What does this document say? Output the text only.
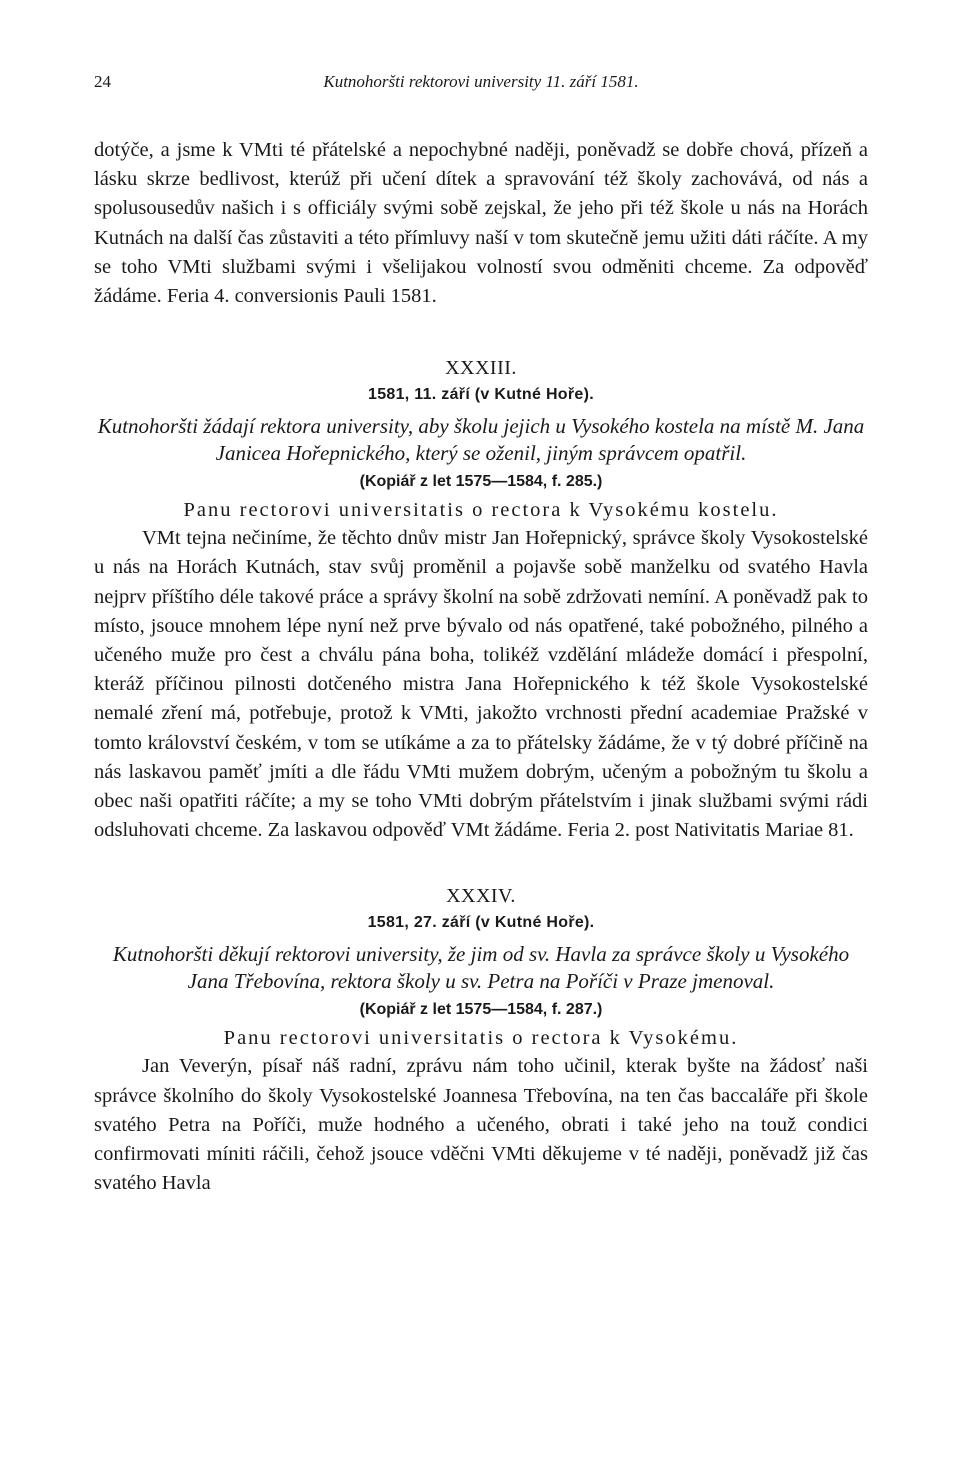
24	Kutnohoršti rektorovi university 11. září 1581.

dotýče, a jsme k VMti té přátelské a nepochybné naději, poněvadž se dobře chová, přízeň a lásku skrze bedlivost, kterúž při učení dítek a spravování též školy zachovává, od nás a spolusousedův našich i s officiály svými sobě zejskal, že jeho při též škole u nás na Horách Kutnách na další čas zůstaviti a této přímluvy naší v tom skutečně jemu užiti dáti ráčíte. A my se toho VMti službami svými i všelijakou volností svou odměniti chceme. Za odpověď žádáme. Feria 4. conversionis Pauli 1581.

XXXIII.
1581, 11. září (v Kutné Hoře).
Kutnohoršti žádají rektora university, aby školu jejich u Vysokého kostela na místě M. Jana Janicea Hořepnického, který se oženil, jiným správcem opatřil.
(Kopiář z let 1575—1584, f. 285.)
Panu rectorovi universitatis o rectora k Vysokému kostelu.

VMt tejna nečiníme, že těchto dnův mistr Jan Hořepnický, správce školy Vysokostelské u nás na Horách Kutnách, stav svůj proměnil a pojavše sobě manželku od svatého Havla nejprv příštího déle takové práce a správy školní na sobě zdržovati nemíní. A poněvadž pak to místo, jsouce mnohem lépe nyní než prve bývalo od nás opatřené, také pobožného, pilného a učeného muže pro čest a chválu pána boha, tolikéž vzdělání mládeže domácí i přespolní, kteráž příčinou pilnosti dotčeného mistra Jana Hořepnického k též škole Vysokostelské nemalé zření má, potřebuje, protož k VMti, jakožto vrchnosti přední academiae Pražské v tomto království českém, v tom se utíkáme a za to přátelsky žádáme, že v tý dobré příčině na nás laskavou paměť jmíti a dle řádu VMti mužem dobrým, učeným a pobožným tu školu a obec naši opatřiti ráčíte; a my se toho VMti dobrým přátelstvím i jinak službami svými rádi odsluhovati chceme. Za laskavou odpověď VMt žádáme. Feria 2. post Nativitatis Mariae 81.

XXXIV.
1581, 27. září (v Kutné Hoře).
Kutnohoršti děkují rektorovi university, že jim od sv. Havla za správce školy u Vysokého Jana Třebovína, rektora školy u sv. Petra na Poříči v Praze jmenoval.
(Kopiář z let 1575—1584, f. 287.)
Panu rectorovi universitatis o rectora k Vysokému.

Jan Veverýn, písař náš radní, zprávu nám toho učinil, kterak byšte na žádosť naši správce školního do školy Vysokostelské Joannesa Třebovína, na ten čas baccaláře při škole svatého Petra na Poříči, muže hodného a učeného, obrati i také jeho na touž condici confirmovati míniti ráčili, čehož jsouce vděčni VMti děkujeme v té naději, poněvadž již čas svatého Havla
